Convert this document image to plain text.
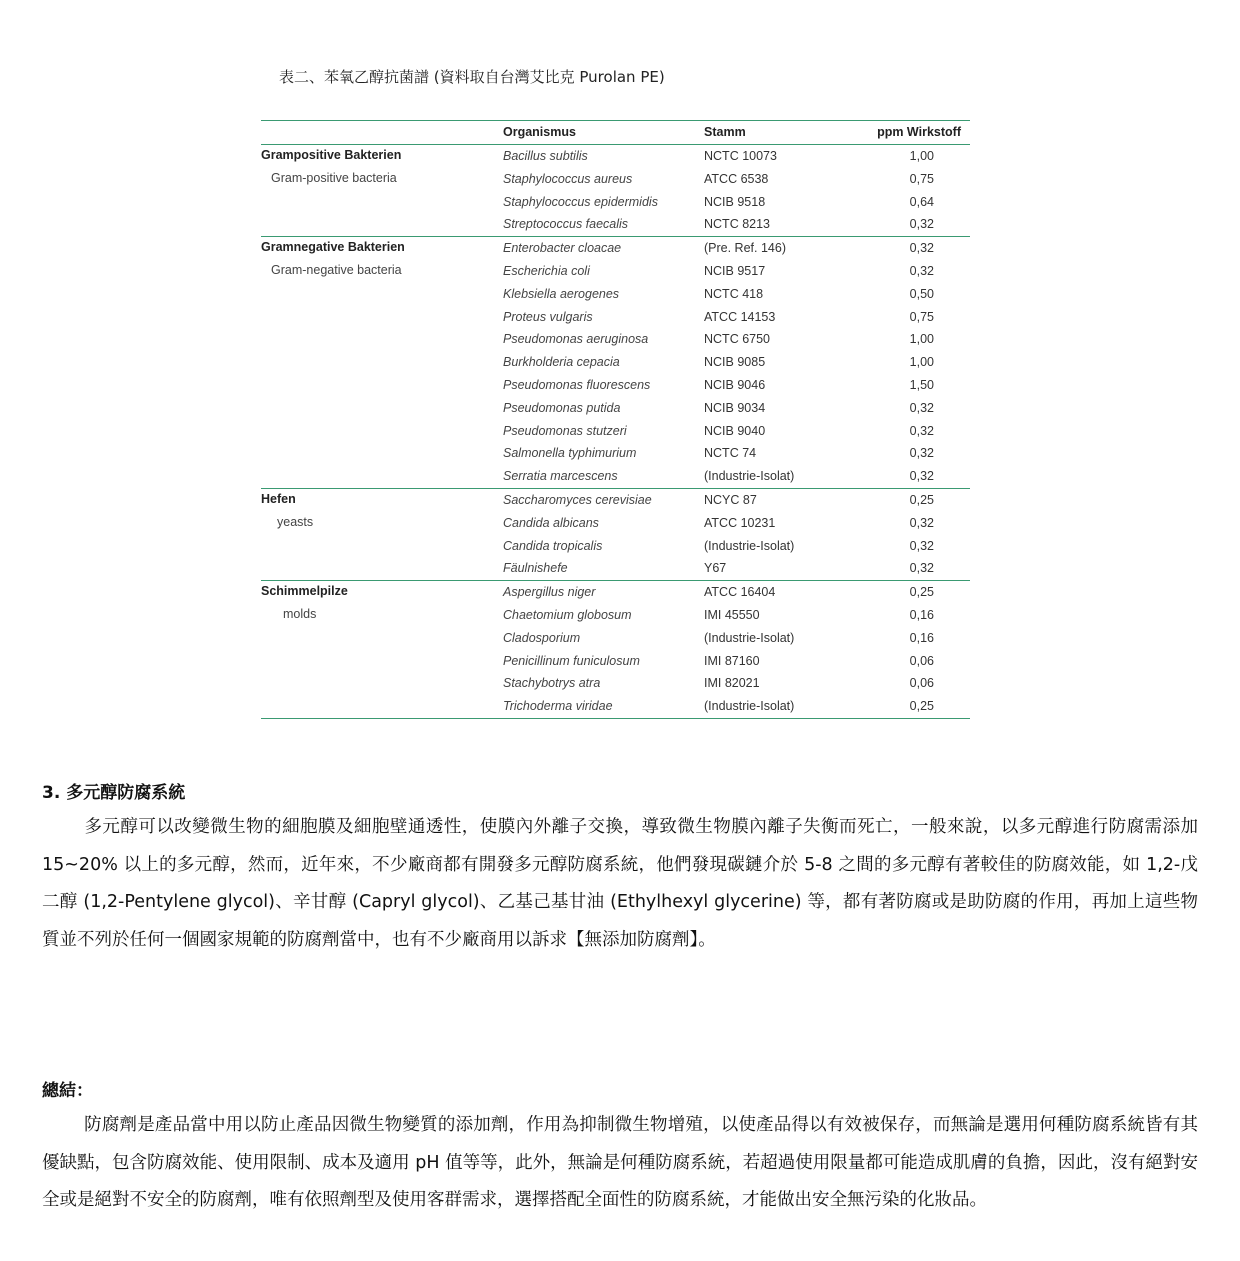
表二、苯氧乙醇抗菌譜 (資料取自台灣艾比克 Purolan PE)
Organismus	Stamm	ppm Wirkstoff
Grampositive Bakterien
Gram-positive bacteria
Bacillus subtilis	NCTC 10073	1,00
Staphylococcus aureus	ATCC 6538	0,75
Staphylococcus epidermidis	NCIB 9518	0,64
Streptococcus faecalis	NCTC 8213	0,32
Gramnegative Bakterien
Gram-negative bacteria
Enterobacter cloacae	(Pre. Ref. 146)	0,32
Escherichia coli	NCIB 9517	0,32
Klebsiella aerogenes	NCTC 418	0,50
Proteus vulgaris	ATCC 14153	0,75
Pseudomonas aeruginosa	NCTC 6750	1,00
Burkholderia cepacia	NCIB 9085	1,00
Pseudomonas fluorescens	NCIB 9046	1,50
Pseudomonas putida	NCIB 9034	0,32
Pseudomonas stutzeri	NCIB 9040	0,32
Salmonella typhimurium	NCTC 74	0,32
Serratia marcescens	(Industrie-Isolat)	0,32
Hefen
yeasts
Saccharomyces cerevisiae	NCYC 87	0,25
Candida albicans	ATCC 10231	0,32
Candida tropicalis	(Industrie-Isolat)	0,32
Fäulnishefe	Y67	0,32
Schimmelpilze
molds
Aspergillus niger	ATCC 16404	0,25
Chaetomium globosum	IMI 45550	0,16
Cladosporium	(Industrie-Isolat)	0,16
Penicillinum funiculosum	IMI 87160	0,06
Stachybotrys atra	IMI 82021	0,06
Trichoderma viridae	(Industrie-Isolat)	0,25
3. 多元醇防腐系統

多元醇可以改變微生物的細胞膜及細胞壁通透性，使膜內外離子交換，導致微生物膜內離子失衡而死亡，一般來說，以多元醇進行防腐需添加 15~20% 以上的多元醇，然而，近年來，不少廠商都有開發多元醇防腐系統，他們發現碳鏈介於 5-8 之間的多元醇有著較佳的防腐效能，如 1,2-戊二醇 (1,2-Pentylene glycol)、辛甘醇 (Capryl glycol)、乙基己基甘油 (Ethylhexyl glycerine) 等，都有著防腐或是助防腐的作用，再加上這些物質並不列於任何一個國家規範的防腐劑當中，也有不少廠商用以訴求【無添加防腐劑】。

總結：

防腐劑是產品當中用以防止產品因微生物變質的添加劑，作用為抑制微生物增殖，以使產品得以有效被保存，而無論是選用何種防腐系統皆有其優缺點，包含防腐效能、使用限制、成本及適用 pH 值等等，此外，無論是何種防腐系統，若超過使用限量都可能造成肌膚的負擔，因此，沒有絕對安全或是絕對不安全的防腐劑，唯有依照劑型及使用客群需求，選擇搭配全面性的防腐系統，才能做出安全無污染的化妝品。
